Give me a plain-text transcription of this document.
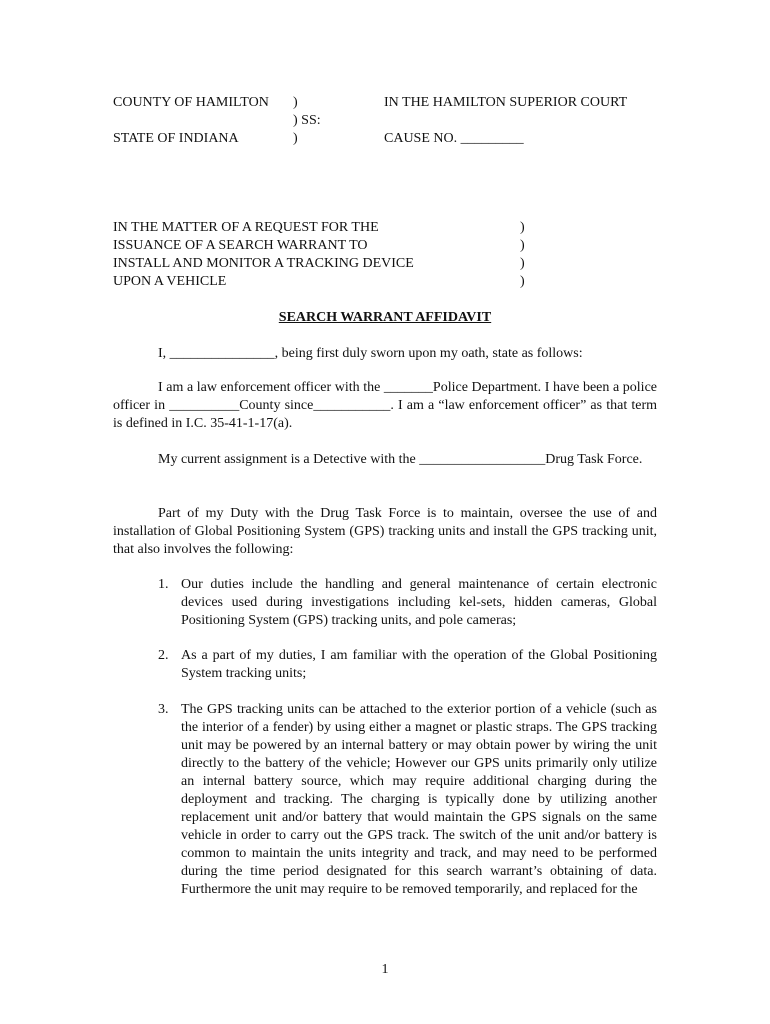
COUNTY OF HAMILTON )
) SS:
STATE OF INDIANA	)
IN THE HAMILTON SUPERIOR COURT
CAUSE NO. _________
IN THE MATTER OF A REQUEST FOR THE
ISSUANCE OF A SEARCH WARRANT TO
INSTALL AND MONITOR A TRACKING DEVICE
UPON A VEHICLE
)
)
)
)
SEARCH WARRANT AFFIDAVIT
I, _______________, being first duly sworn upon my oath, state as follows:
I am a law enforcement officer with the _______Police Department. I have been a police officer in __________County since___________. I am a “law enforcement officer” as that term is defined in I.C. 35-41-1-17(a).
My current assignment is a Detective with the __________________Drug Task Force.
Part of my Duty with the Drug Task Force is to maintain, oversee the use of and installation of Global Positioning System (GPS) tracking units and install the GPS tracking unit, that also involves the following:
1. Our duties include the handling and general maintenance of certain electronic devices used during investigations including kel-sets, hidden cameras, Global Positioning System (GPS) tracking units, and pole cameras;
2. As a part of my duties, I am familiar with the operation of the Global Positioning System tracking units;
3. The GPS tracking units can be attached to the exterior portion of a vehicle (such as the interior of a fender) by using either a magnet or plastic straps. The GPS tracking unit may be powered by an internal battery or may obtain power by wiring the unit directly to the battery of the vehicle; However our GPS units primarily only utilize an internal battery source, which may require additional charging during the deployment and tracking. The charging is typically done by utilizing another replacement unit and/or battery that would maintain the GPS signals on the same vehicle in order to carry out the GPS track. The switch of the unit and/or battery is common to maintain the units integrity and track, and may need to be performed during the time period designated for this search warrant’s obtaining of data. Furthermore the unit may require to be removed temporarily, and replaced for the
1
